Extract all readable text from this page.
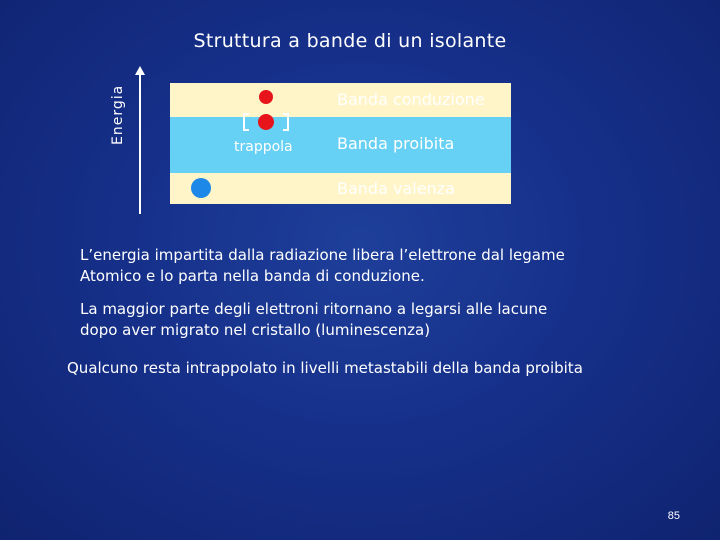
Struttura a bande di un isolante
Energia	Banda conduzione
Banda proibita
Banda valenza
trappola
L’energia impartita dalla radiazione libera l’elettrone dal legame
Atomico e lo parta nella banda di conduzione.
La maggior parte degli elettroni ritornano a legarsi alle lacune
dopo aver migrato nel cristallo (luminescenza)
Qualcuno resta intrappolato in livelli metastabili della banda proibita
85
